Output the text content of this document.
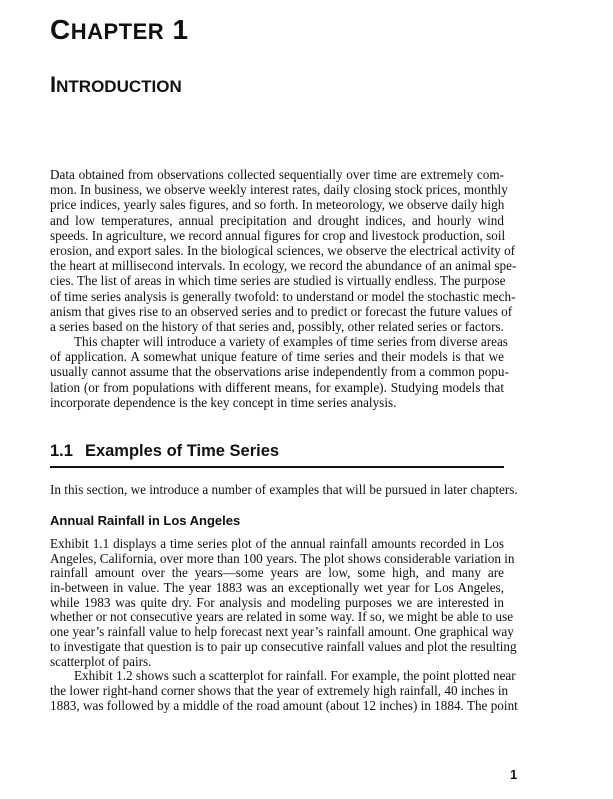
CHAPTER 1
INTRODUCTION
Data obtained from observations collected sequentially over time are extremely com-
mon. In business, we observe weekly interest rates, daily closing stock prices, monthly
price indices, yearly sales figures, and so forth. In meteorology, we observe daily high
and low temperatures, annual precipitation and drought indices, and hourly wind
speeds. In agriculture, we record annual figures for crop and livestock production, soil
erosion, and export sales. In the biological sciences, we observe the electrical activity of
the heart at millisecond intervals. In ecology, we record the abundance of an animal spe-
cies. The list of areas in which time series are studied is virtually endless. The purpose
of time series analysis is generally twofold: to understand or model the stochastic mech-
anism that gives rise to an observed series and to predict or forecast the future values of
a series based on the history of that series and, possibly, other related series or factors.
This chapter will introduce a variety of examples of time series from diverse areas
of application. A somewhat unique feature of time series and their models is that we
usually cannot assume that the observations arise independently from a common popu-
lation (or from populations with different means, for example). Studying models that
incorporate dependence is the key concept in time series analysis.
1.1 Examples of Time Series
In this section, we introduce a number of examples that will be pursued in later chapters.
Annual Rainfall in Los Angeles
Exhibit 1.1 displays a time series plot of the annual rainfall amounts recorded in Los
Angeles, California, over more than 100 years. The plot shows considerable variation in
rainfall amount over the years—some years are low, some high, and many are
in-between in value. The year 1883 was an exceptionally wet year for Los Angeles,
while 1983 was quite dry. For analysis and modeling purposes we are interested in
whether or not consecutive years are related in some way. If so, we might be able to use
one year’s rainfall value to help forecast next year’s rainfall amount. One graphical way
to investigate that question is to pair up consecutive rainfall values and plot the resulting
scatterplot of pairs.
Exhibit 1.2 shows such a scatterplot for rainfall. For example, the point plotted near
the lower right-hand corner shows that the year of extremely high rainfall, 40 inches in
1883, was followed by a middle of the road amount (about 12 inches) in 1884. The point
1
